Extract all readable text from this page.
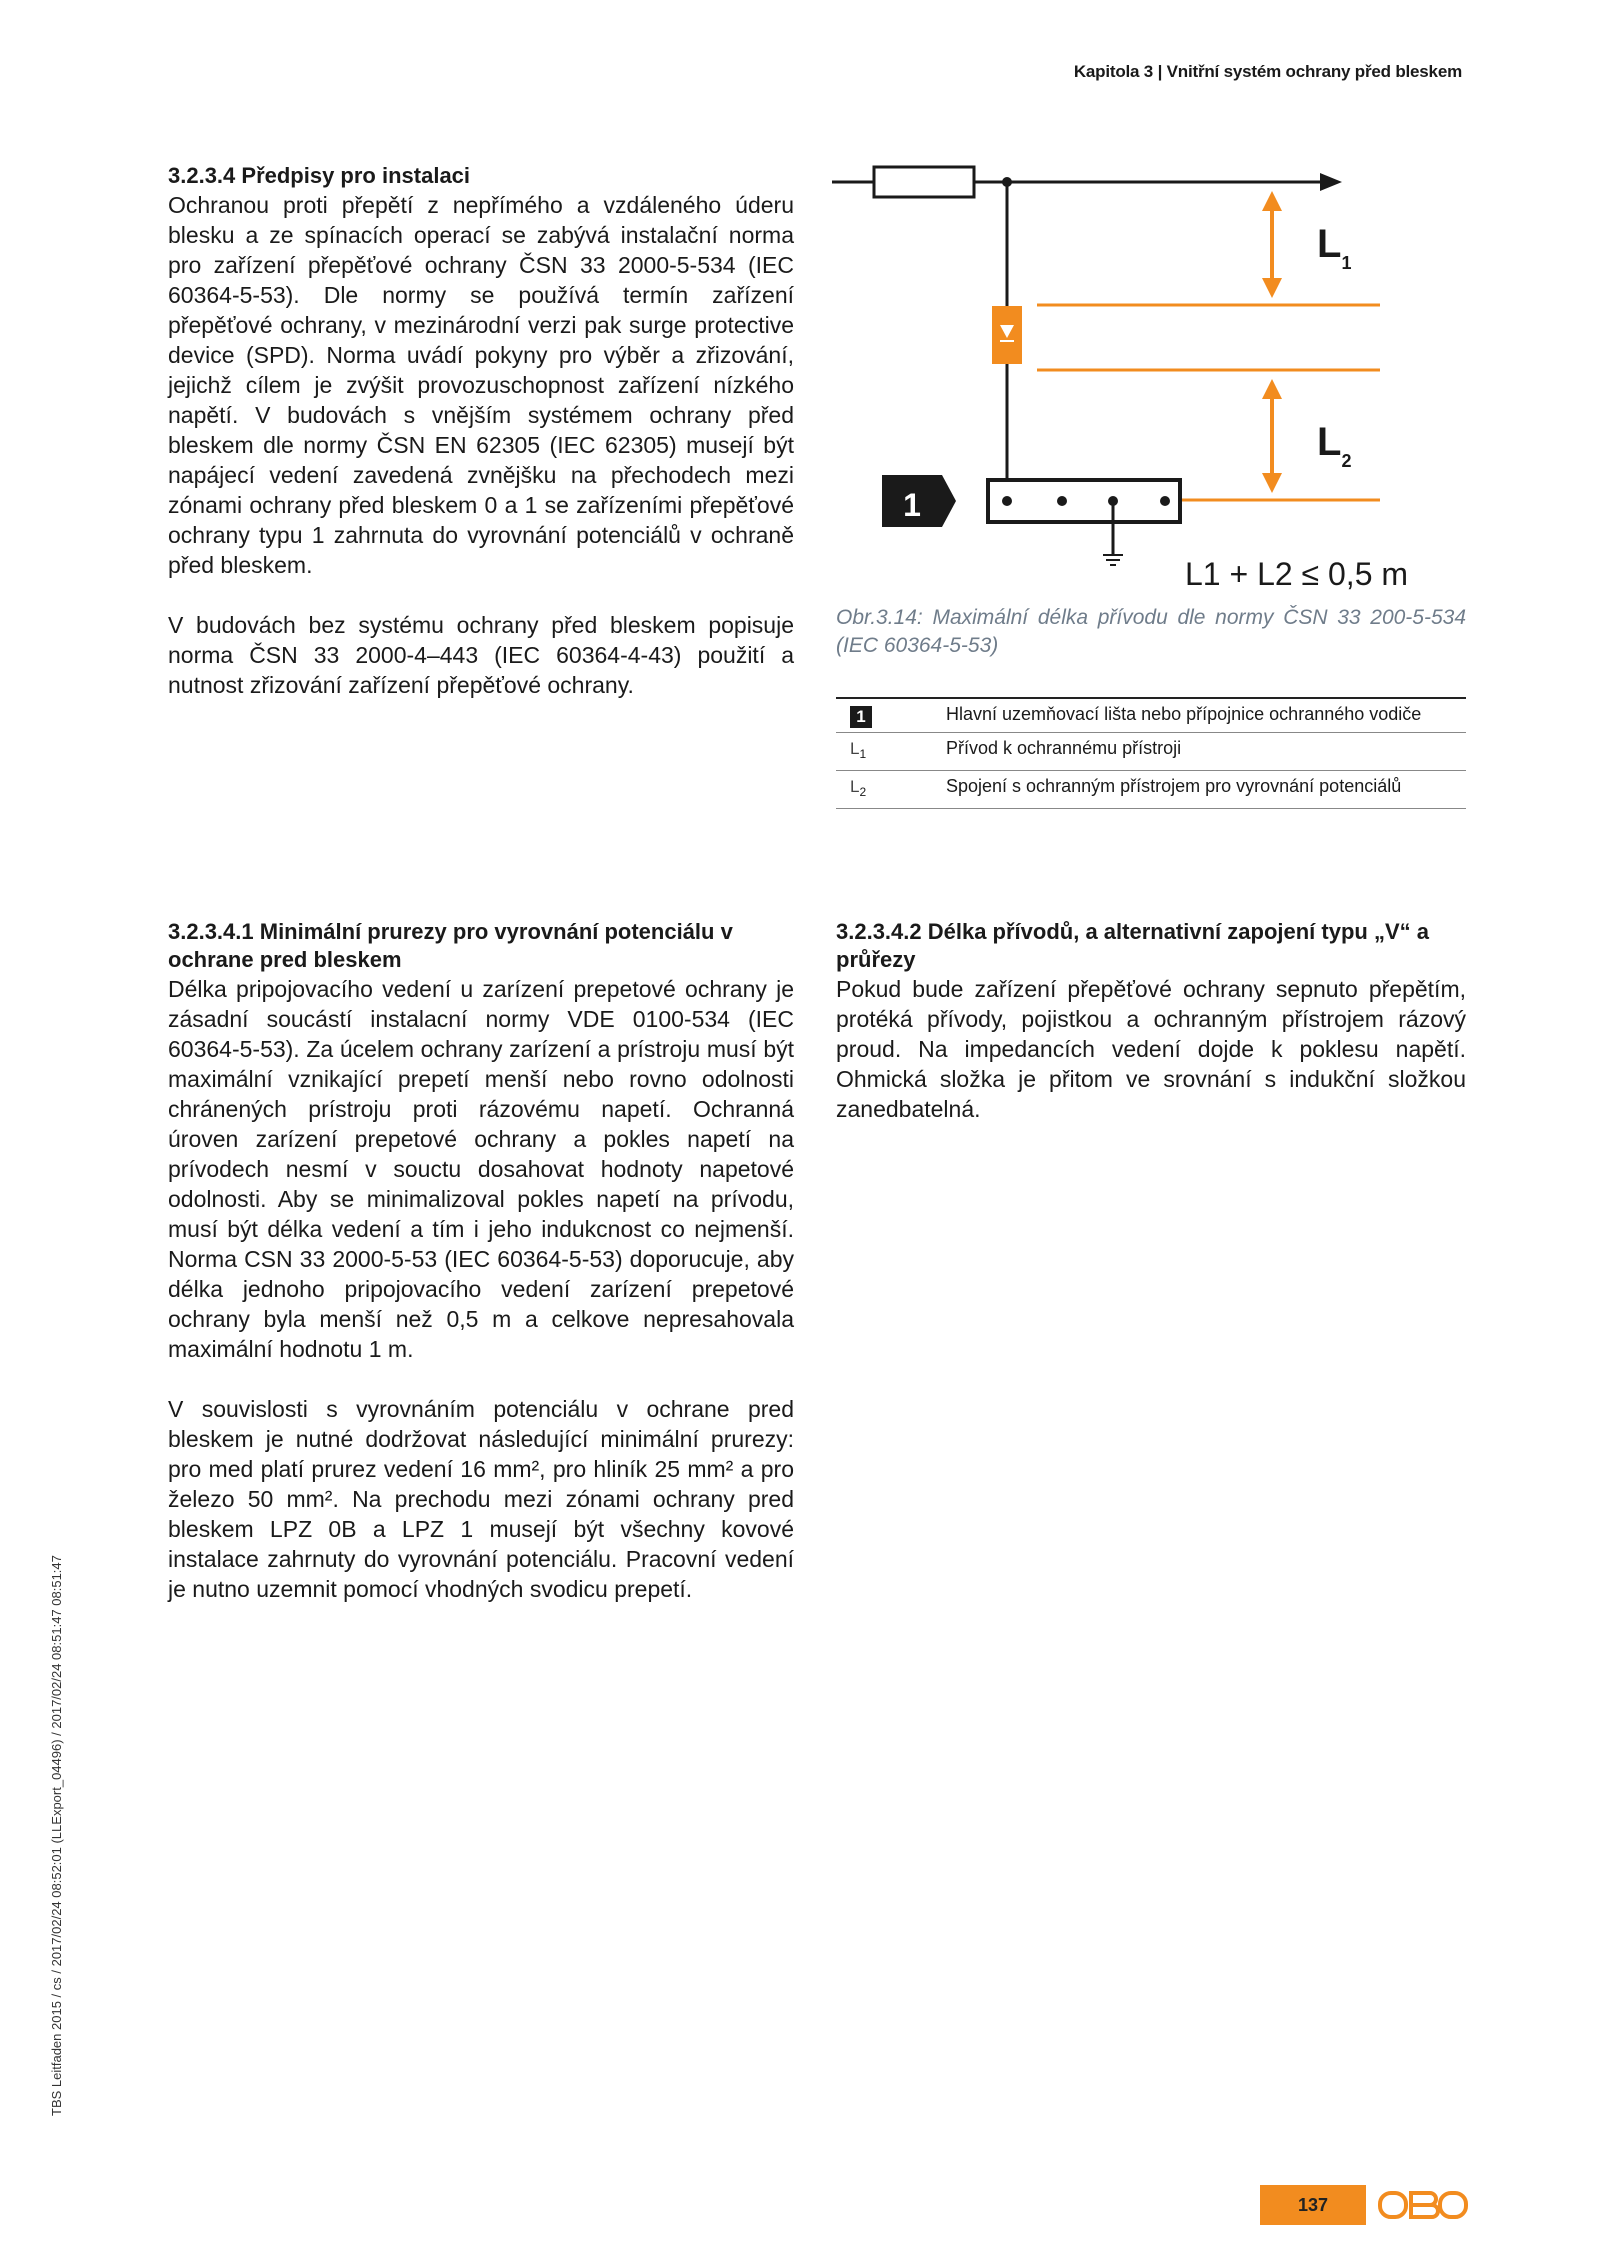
Kapitola 3 | Vnitřní systém ochrany před bleskem
3.2.3.4 Předpisy pro instalaci

Ochranou proti přepětí z nepřímého a vzdáleného úderu blesku a ze spínacích operací se zabývá instalační norma pro zařízení přepěťové ochrany ČSN 33 2000-5-534 (IEC 60364-5-53). Dle normy se používá termín zařízení přepěťové ochrany, v mezinárodní verzi pak surge protective device (SPD). Norma uvádí pokyny pro výběr a zřizování, jejichž cílem je zvýšit provozuschopnost zařízení nízkého napětí. V budovách s vnějším systémem ochrany před bleskem dle normy ČSN EN 62305 (IEC 62305) musejí být napájecí vedení zavedená zvnějšku na přechodech mezi zónami ochrany před bleskem 0 a 1 se zařízeními přepěťové ochrany typu 1 zahrnuta do vyrovnání potenciálů v ochraně před bleskem.

V budovách bez systému ochrany před bleskem popisuje norma ČSN 33 2000-4–443 (IEC 60364-4-43) použití a nutnost zřizování zařízení přepěťové ochrany.

3.2.3.4.1 Minimální prurezy pro vyrovnání potenciálu v ochrane pred bleskem

Délka pripojovacího vedení u zarízení prepetové ochrany je zásadní soucástí instalacní normy VDE 0100-534 (IEC 60364-5-53). Za úcelem ochrany zarízení a prístroju musí být maximální vznikající prepetí menší nebo rovno odolnosti chránených prístroju proti rázovému napetí. Ochranná úroven zarízení prepetové ochrany a pokles napetí na prívodech nesmí v souctu dosahovat hodnoty napetové odolnosti. Aby se minimalizoval pokles napetí na prívodu, musí být délka vedení a tím i jeho indukcnost co nejmenší. Norma CSN 33 2000-5-53 (IEC 60364-5-53) doporucuje, aby délka jednoho pripojovacího vedení zarízení prepetové ochrany byla menší než 0,5 m a celkove nepresahovala maximální hodnotu 1 m.

V souvislosti s vyrovnáním potenciálu v ochrane pred bleskem je nutné dodržovat následující minimální prurezy: pro med platí prurez vedení 16 mm², pro hliník 25 mm² a pro železo 50 mm². Na prechodu mezi zónami ochrany pred bleskem LPZ 0B a LPZ 1 musejí být všechny kovové instalace zahrnuty do vyrovnání potenciálu. Pracovní vedení je nutno uzemnit pomocí vhodných svodicu prepetí.

$L_1$
$L_2$
1
L1 + L2 ≤ 0,5 m
Obr.3.14: Maximální délka přívodu dle normy ČSN 33 200-5-534 (IEC 60364-5-53)
1	Hlavní uzemňovací lišta nebo přípojnice ochranného vodiče
$L_1$	Přívod k ochrannému přístroji
$L_2$	Spojení s ochranným přístrojem pro vyrovnání potenciálů
3.2.3.4.2 Délka přívodů, a alternativní zapojení typu „V“ a průřezy

Pokud bude zařízení přepěťové ochrany sepnuto přepětím, protéká přívody, pojistkou a ochranným přístrojem rázový proud. Na impedancích vedení dojde k poklesu napětí. Ohmická složka je přitom ve srovnání s indukční složkou zanedbatelná.

TBS Leitfaden 2015 / cs / 2017/02/24 08:52:01 (LLExport_04496) / 2017/02/24 08:51:47 08:51:47
137
